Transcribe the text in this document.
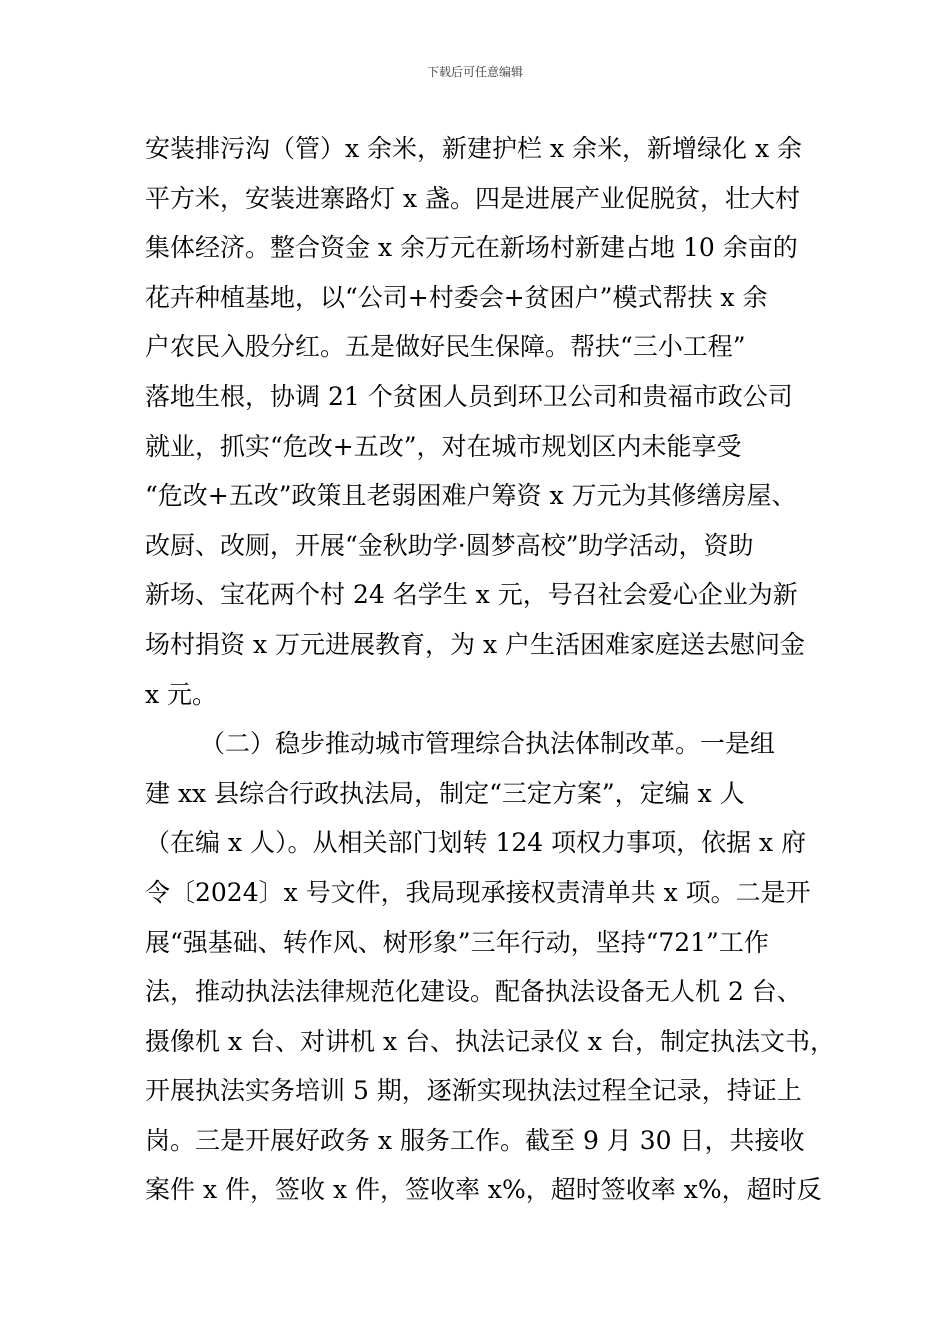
下载后可任意编辑
安装排污沟（管）x 余米，新建护栏 x 余米，新增绿化 x 余
平方米，安装进寨路灯 x 盏。四是进展产业促脱贫，壮大村
集体经济。整合资金 x 余万元在新场村新建占地 10 余亩的
花卉种植基地，以“公司+村委会+贫困户”模式帮扶 x 余
户农民入股分红。五是做好民生保障。帮扶“三小工程”
落地生根，协调 21 个贫困人员到环卫公司和贵福市政公司
就业，抓实“危改+五改”，对在城市规划区内未能享受
“危改+五改”政策且老弱困难户筹资 x 万元为其修缮房屋、
改厨、改厕，开展“金秋助学·圆梦高校”助学活动，资助
新场、宝花两个村 24 名学生 x 元，号召社会爱心企业为新
场村捐资 x 万元进展教育，为 x 户生活困难家庭送去慰问金
x 元。
（二）稳步推动城市管理综合执法体制改革。一是组
建 xx 县综合行政执法局，制定“三定方案”，定编 x 人
（在编 x 人）。从相关部门划转 124 项权力事项，依据 x 府
令〔2024〕x 号文件，我局现承接权责清单共 x 项。二是开
展“强基础、转作风、树形象”三年行动，坚持“721”工作
法，推动执法法律规范化建设。配备执法设备无人机 2 台、
摄像机 x 台、对讲机 x 台、执法记录仪 x 台，制定执法文书，
开展执法实务培训 5 期，逐渐实现执法过程全记录，持证上
岗。三是开展好政务 x 服务工作。截至 9 月 30 日，共接收
案件 x 件，签收 x 件，签收率 x%，超时签收率 x%，超时反
